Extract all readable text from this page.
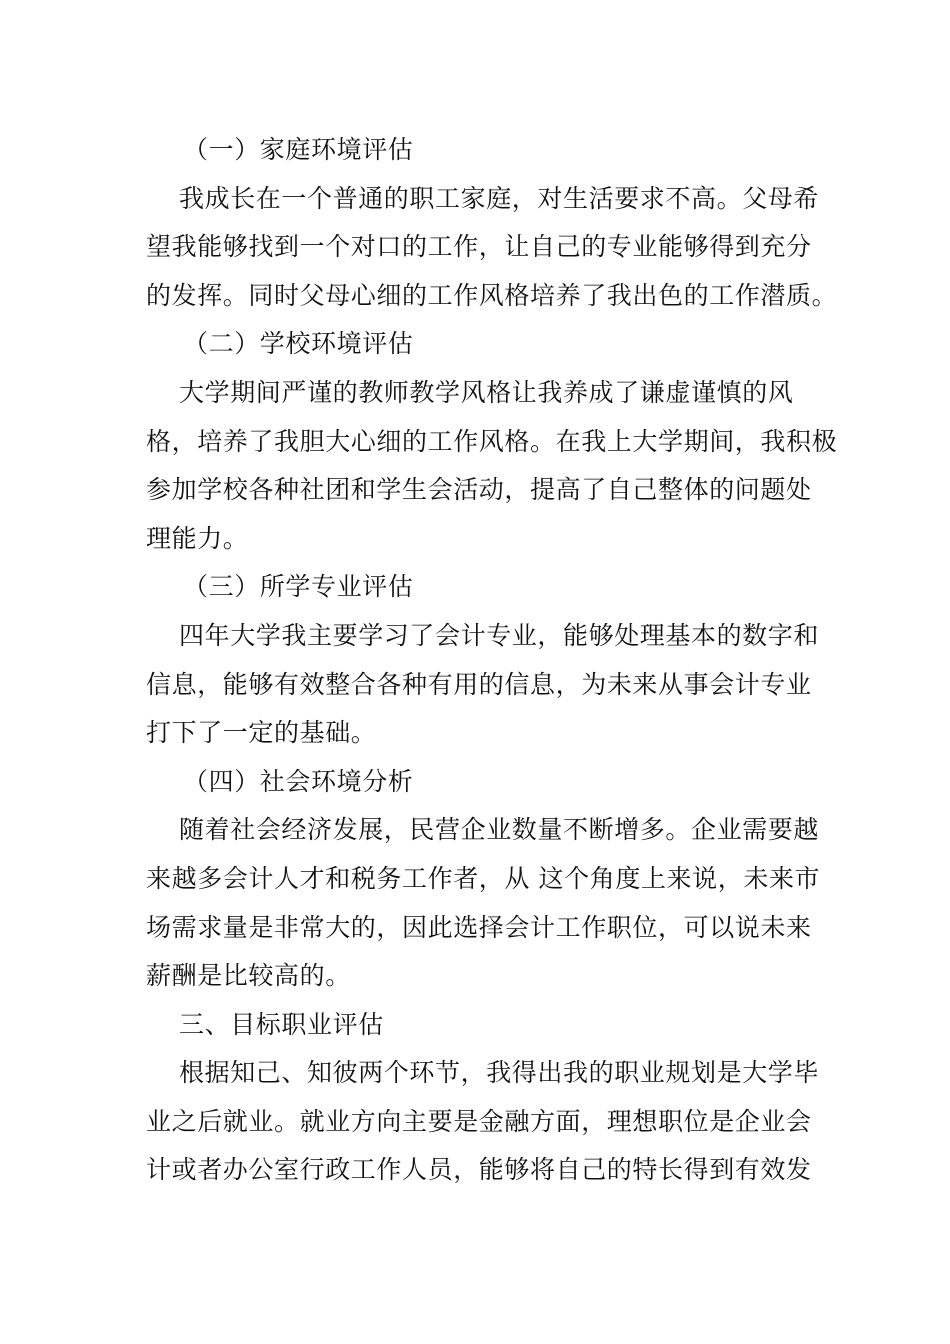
（一）家庭环境评估
我成长在一个普通的职工家庭，对生活要求不高。父母希
望我能够找到一个对口的工作，让自己的专业能够得到充分
的发挥。同时父母心细的工作风格培养了我出色的工作潜质。
（二）学校环境评估
大学期间严谨的教师教学风格让我养成了谦虚谨慎的风
格，培养了我胆大心细的工作风格。在我上大学期间，我积极
参加学校各种社团和学生会活动，提高了自己整体的问题处
理能力。
（三）所学专业评估
四年大学我主要学习了会计专业，能够处理基本的数字和
信息，能够有效整合各种有用的信息，为未来从事会计专业
打下了一定的基础。
（四）社会环境分析
随着社会经济发展，民营企业数量不断增多。企业需要越
来越多会计人才和税务工作者，从 这个角度上来说，未来市
场需求量是非常大的，因此选择会计工作职位，可以说未来
薪酬是比较高的。
三、目标职业评估
根据知己、知彼两个环节，我得出我的职业规划是大学毕
业之后就业。就业方向主要是金融方面，理想职位是企业会
计或者办公室行政工作人员，能够将自己的特长得到有效发
